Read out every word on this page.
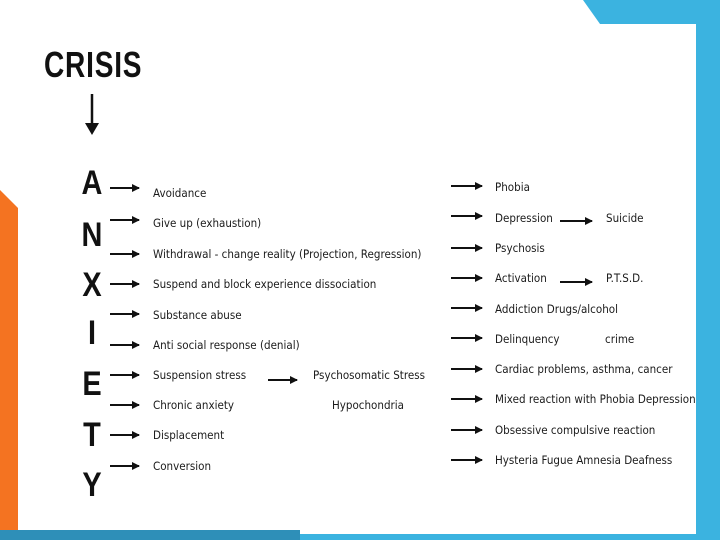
CRISIS
A
N
X
I
E
T
Y
Avoidance
Give up (exhaustion)
Withdrawal - change reality (Projection, Regression)
Suspend and block experience dissociation
Substance abuse
Anti social response (denial)
Suspension stress	Psychosomatic Stress
Chronic anxiety	Hypochondria
Displacement
Conversion
Phobia
Depression	Suicide
Psychosis
Activation	P.T.S.D.
Addiction Drugs/alcohol
Delinquency	crime
Cardiac problems, asthma, cancer
Mixed reaction with Phobia Depression
Obsessive compulsive reaction
Hysteria Fugue Amnesia Deafness
